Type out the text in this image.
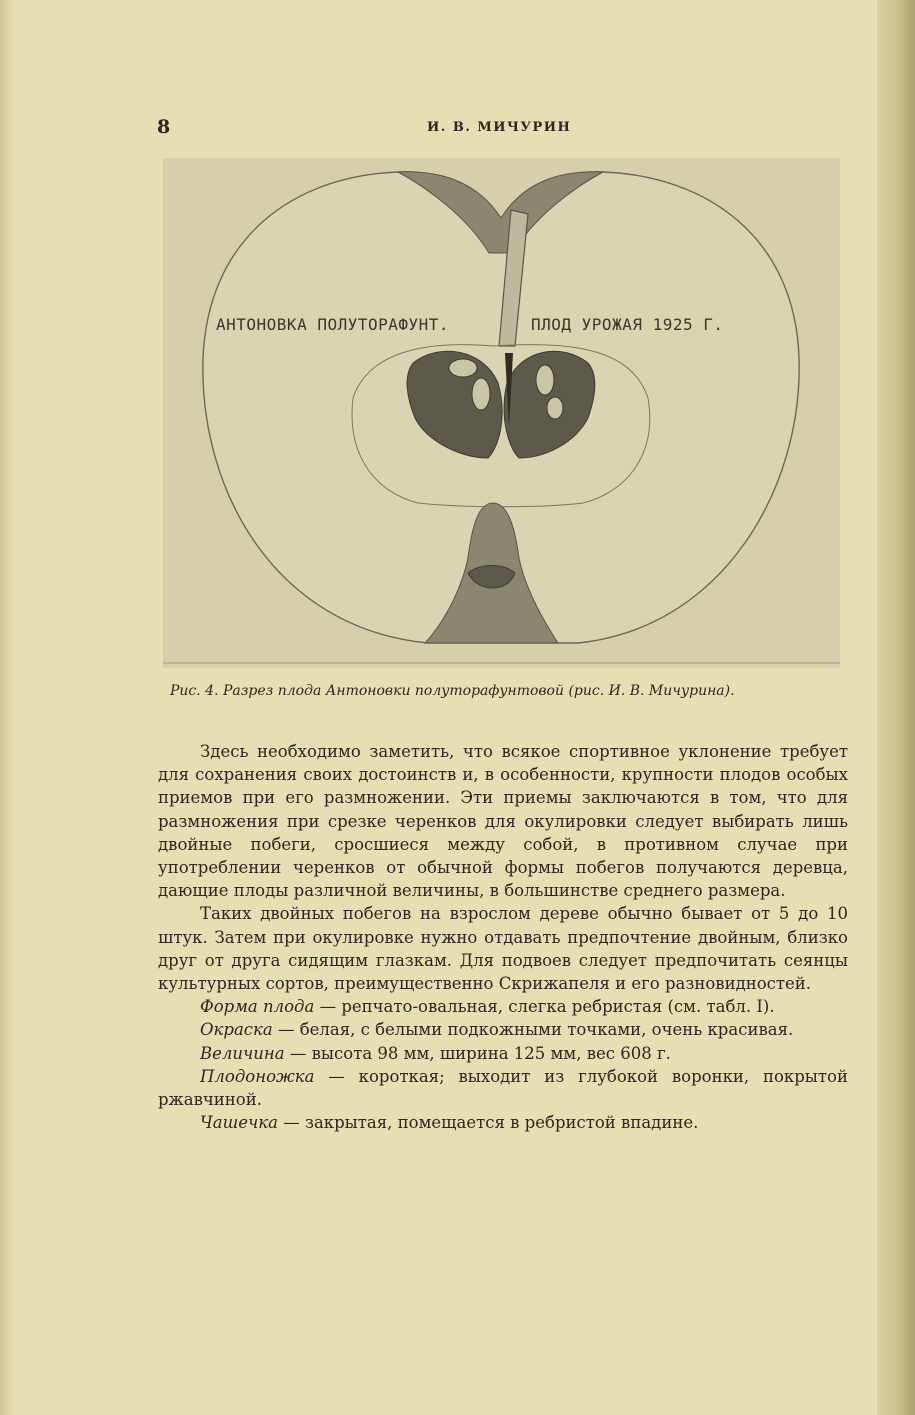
8	И. В. МИЧУРИН
АНТОНОВКА ПОЛУТОРАФУНТ.	ПЛОД УРОЖАЯ 1925 Г.
Рис. 4. Разрез плода Антоновки полуторафунтовой (рис. И. В. Мичурина).

Здесь необходимо заметить, что всякое спортивное уклонение требует для сохранения своих достоинств и, в особенности, крупности плодов особых приемов при его размножении. Эти приемы заключаются в том, что для размножения при срезке черенков для окулировки следует выбирать лишь двойные побеги, сросшиеся между собой, в противном случае при употреблении черенков от обычной формы побегов получаются деревца, дающие плоды различной величины, в большинстве среднего размера.

Таких двойных побегов на взрослом дереве обычно бывает от 5 до 10 штук. Затем при окулировке нужно отдавать предпочтение двойным, близко друг от друга сидящим глазкам. Для подвоев следует предпочитать сеянцы культурных сортов, преимущественно Скрижапеля и его разновидностей.

Форма плода — репчато-овальная, слегка ребристая (см. табл. I).

Окраска — белая, с белыми подкожными точками, очень красивая.

Величина — высота 98 мм, ширина 125 мм, вес 608 г.

Плодоножка — короткая; выходит из глубокой воронки, покрытой ржавчиной.

Чашечка — закрытая, помещается в ребристой впадине.
